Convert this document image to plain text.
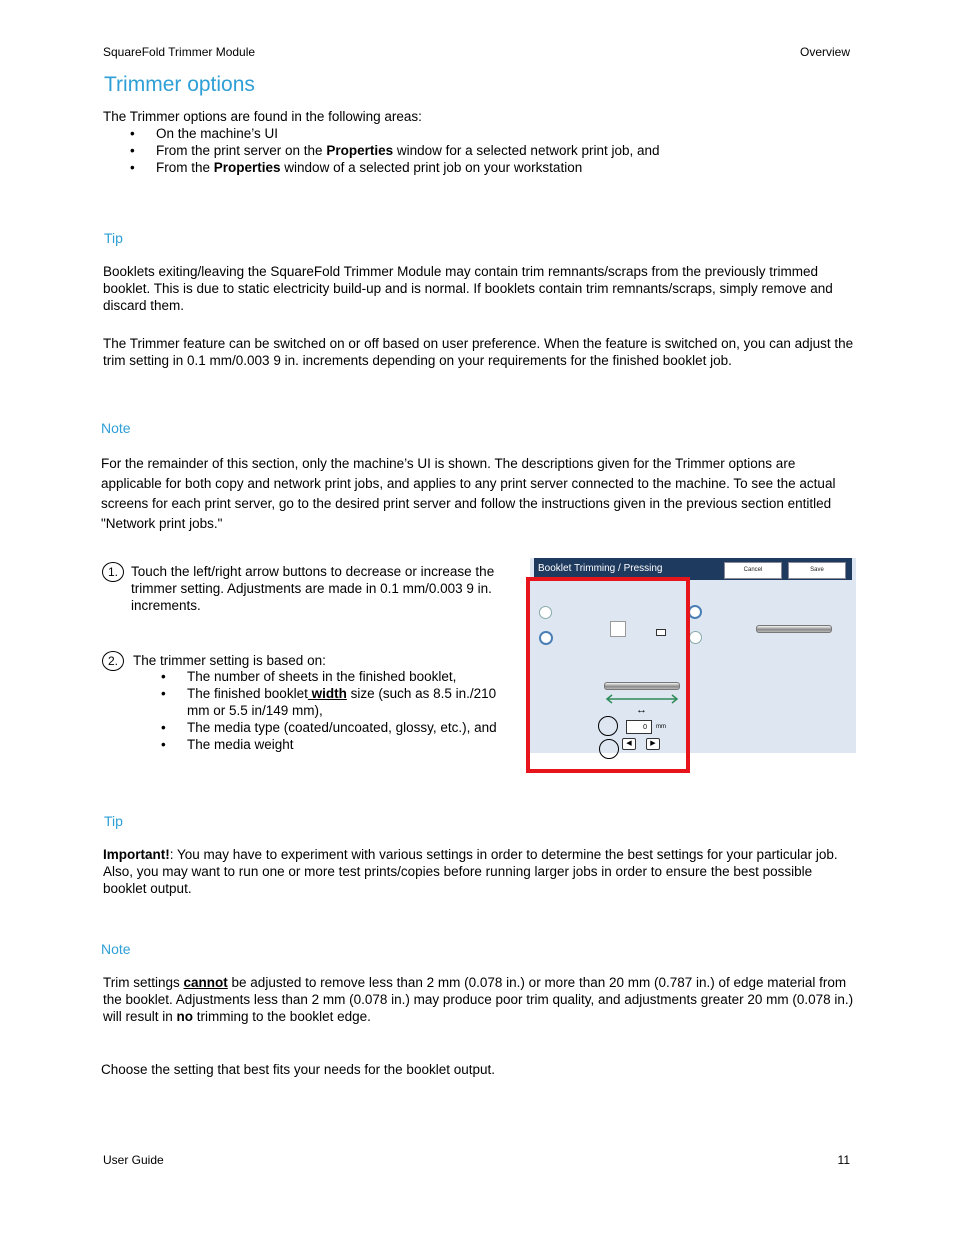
SquareFold Trimmer Module	Overview
Trimmer options

The Trimmer options are found in the following areas:

• On the machine’s UI
• From the print server on the Properties window for a selected network print job, and
• From the Properties window of a selected print job on your workstation
Tip

Booklets exiting/leaving the SquareFold Trimmer Module may contain trim remnants/scraps from the previously trimmed booklet. This is due to static electricity build-up and is normal. If booklets contain trim remnants/scraps, simply remove and discard them.

The Trimmer feature can be switched on or off based on user preference. When the feature is switched on, you can adjust the trim setting in 0.1 mm/0.003 9 in. increments depending on your requirements for the finished booklet job.

Note

For the remainder of this section, only the machine’s UI is shown. The descriptions given for the Trimmer options are applicable for both copy and network print jobs, and applies to any print server connected to the machine. To see the actual screens for each print server, go to the desired print server and follow the instructions given in the previous section entitled "Network print jobs."

1. Touch the left/right arrow buttons to decrease or increase the trimmer setting. Adjustments are made in 0.1 mm/0.003 9 in. increments.

2.	The trimmer setting is based on:

• The number of sheets in the finished booklet,
• The finished booklet width size (such as 8.5 in./210 mm or 5.5 in/149 mm),
• The media type (coated/uncoated, glossy, etc.), and
• The media weight
Booklet Trimming / Pressing	Cancel	Save
↔
0	mm
◀	▶
Tip

Important!: You may have to experiment with various settings in order to determine the best settings for your particular job. Also, you may want to run one or more test prints/copies before running larger jobs in order to ensure the best possible booklet output.

Note

Trim settings cannot be adjusted to remove less than 2 mm (0.078 in.) or more than 20 mm (0.787 in.) of edge material from the booklet. Adjustments less than 2 mm (0.078 in.) may produce poor trim quality, and adjustments greater 20 mm (0.078 in.) will result in no trimming to the booklet edge.

Choose the setting that best fits your needs for the booklet output.

User Guide	11
